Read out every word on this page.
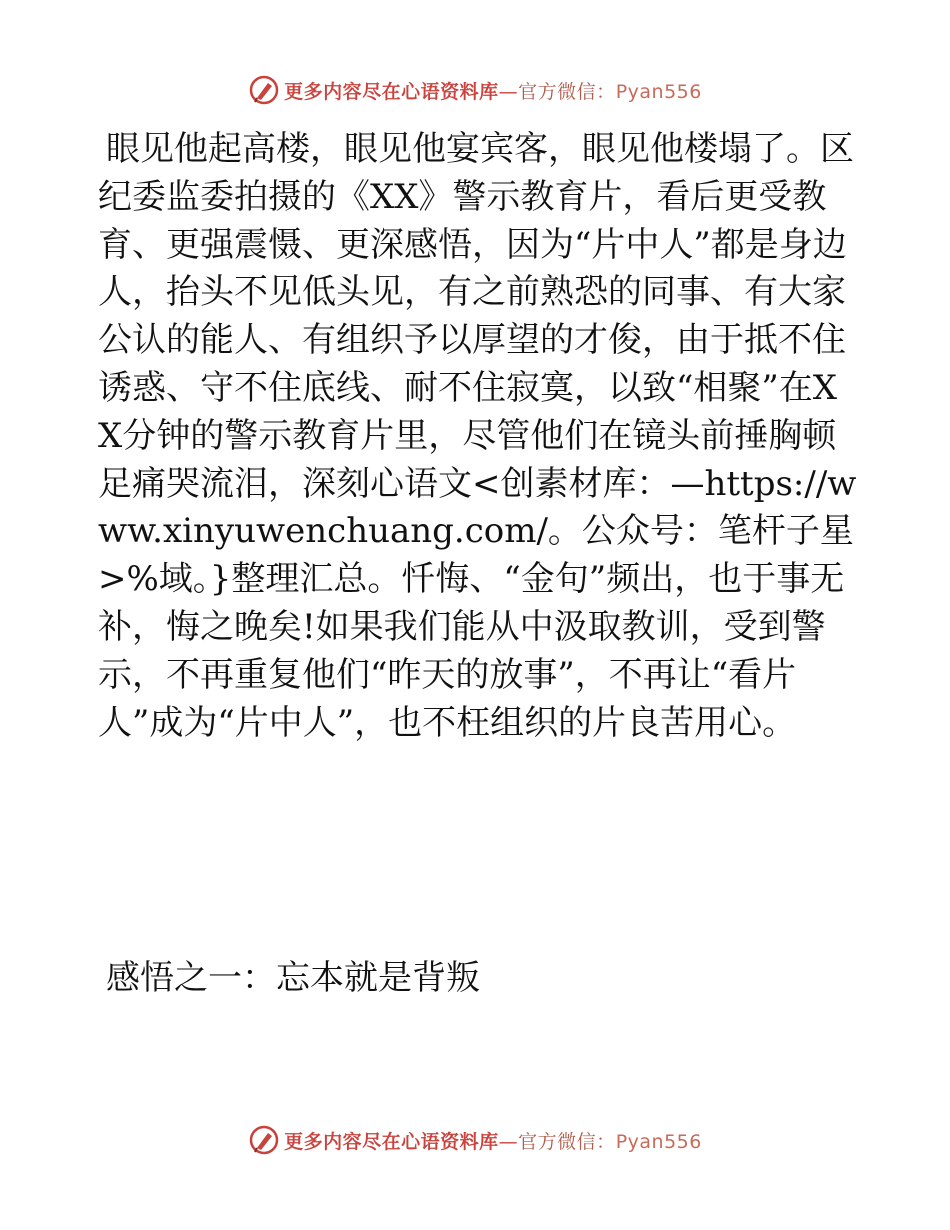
更多内容尽在心语资料库—官方微信：Pyan556

眼见他起高楼，眼见他宴宾客，眼见他楼塌了。区纪委监委拍摄的《XX》警示教育片，看后更受教育、更强震慑、更深感悟，因为“片中人”都是身边人，抬头不见低头见，有之前熟恐的同事、有大家公认的能人、有组织予以厚望的才俊，由于抵不住诱惑、守不住底线、耐不住寂寞，以致“相聚”在XX分钟的警示教育片里，尽管他们在镜头前捶胸顿足痛哭流泪，深刻心语文<创素材库：—https://www.xinyuwenchuang.com/。公众号：笔杆子星>%域。}整理汇总。忏悔、“金句”频出，也于事无补，悔之晚矣!如果我们能从中汲取教训，受到警示，不再重复他们“昨天的放事”，不再让“看片人”成为“片中人”，也不枉组织的片良苦用心。

感悟之一：忘本就是背叛
更多内容尽在心语资料库—官方微信：Pyan556
